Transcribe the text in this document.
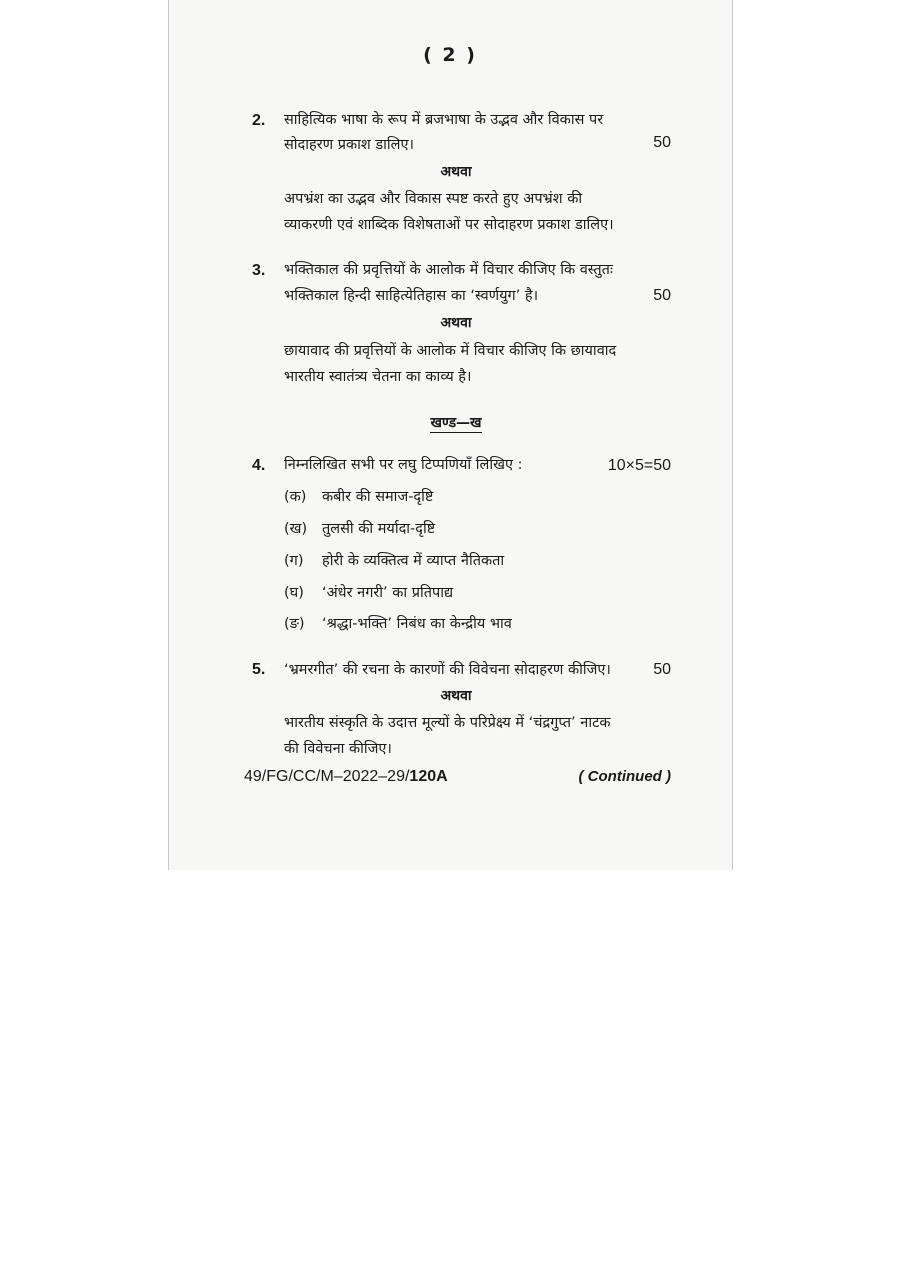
( 2 )
2. साहित्यिक भाषा के रूप में ब्रजभाषा के उद्भव और विकास पर
सोदाहरण प्रकाश डालिए।	50
अथवा
अपभ्रंश का उद्भव और विकास स्पष्ट करते हुए अपभ्रंश की
व्याकरणी एवं शाब्दिक विशेषताओं पर सोदाहरण प्रकाश डालिए।
3. भक्तिकाल की प्रवृत्तियों के आलोक में विचार कीजिए कि वस्तुतः
भक्तिकाल हिन्दी साहित्येतिहास का ‘स्वर्णयुग’ है।	50
अथवा
छायावाद की प्रवृत्तियों के आलोक में विचार कीजिए कि छायावाद
भारतीय स्वातंत्र्य चेतना का काव्य है।
खण्ड—ख
4. निम्नलिखित सभी पर लघु टिप्पणियाँ लिखिए :	10×5=50
(क) कबीर की समाज-दृष्टि
(ख) तुलसी की मर्यादा-दृष्टि
(ग) होरी के व्यक्तित्व में व्याप्त नैतिकता
(घ) ‘अंधेर नगरी’ का प्रतिपाद्य
(ङ) ‘श्रद्धा-भक्ति’ निबंध का केन्द्रीय भाव
5. ‘भ्रमरगीत’ की रचना के कारणों की विवेचना सोदाहरण कीजिए।	50
अथवा
भारतीय संस्कृति के उदात्त मूल्यों के परिप्रेक्ष्य में ‘चंद्रगुप्त’ नाटक
की विवेचना कीजिए।
49/FG/CC/M–2022–29/120A	( Continued )
